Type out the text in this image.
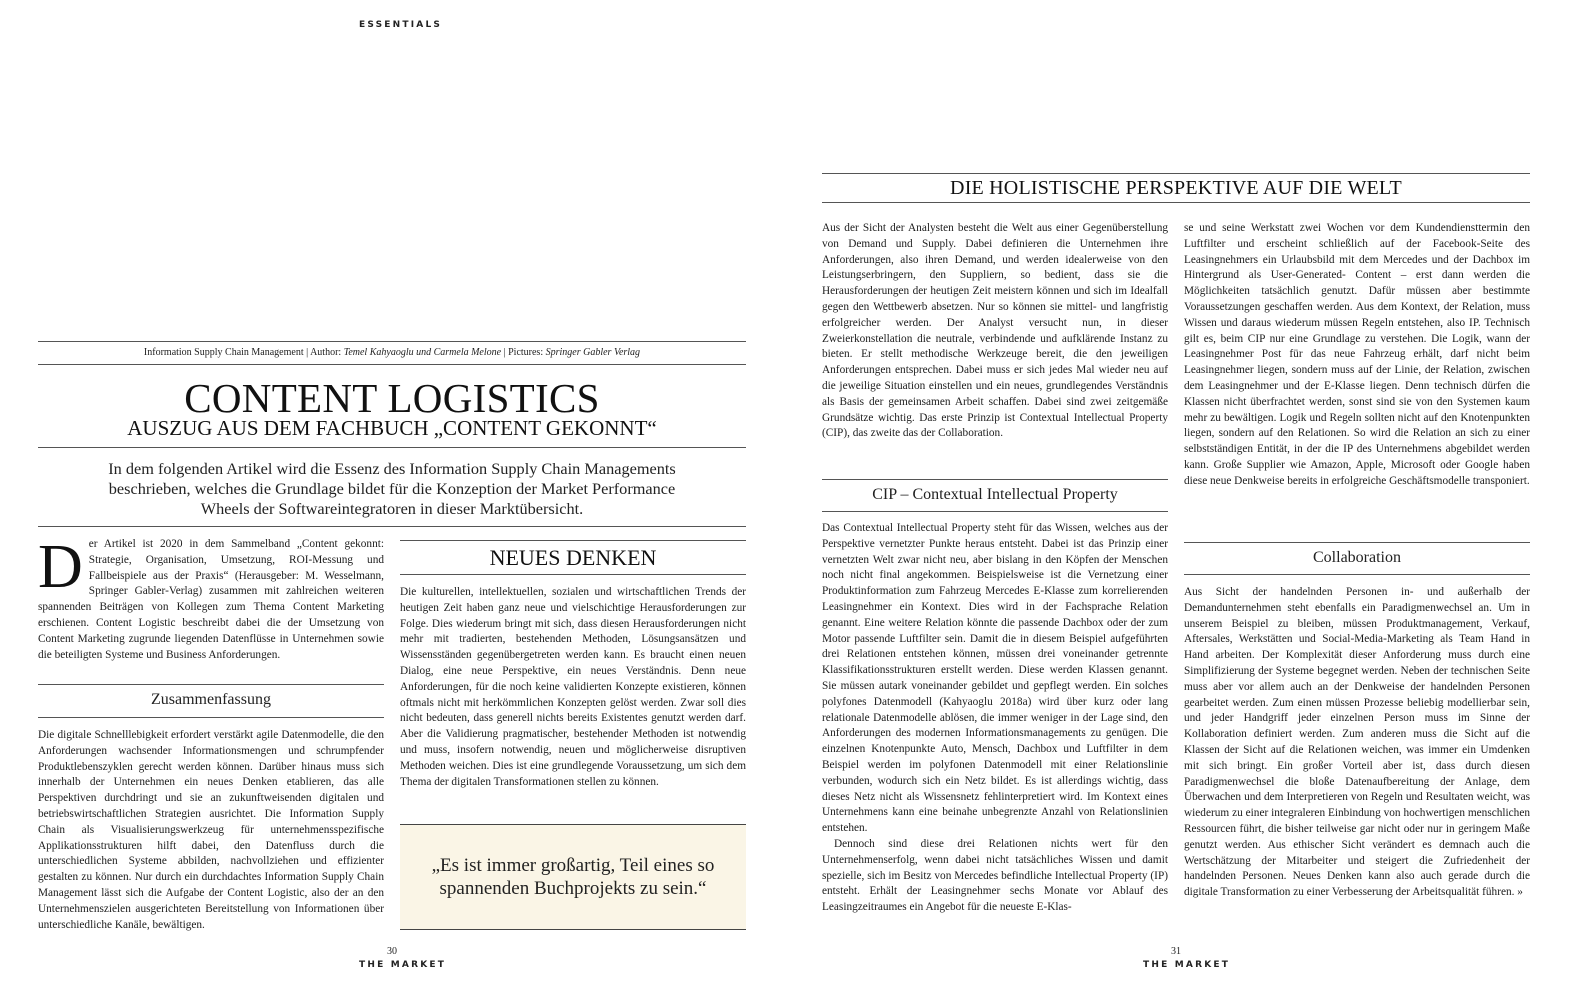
ESSENTIALS
Information Supply Chain Management | Author: Temel Kahyaoglu und Carmela Melone | Pictures: Springer Gabler Verlag
CONTENT LOGISTICS
AUSZUG AUS DEM FACHBUCH „CONTENT GEKONNT“
In dem folgenden Artikel wird die Essenz des Information Supply Chain Managements beschrieben, welches die Grundlage bildet für die Konzeption der Market Performance Wheels der Softwareintegratoren in dieser Marktübersicht.
D er Artikel ist 2020 in dem Sammelband „Content gekonnt: Strategie, Organisation, Umsetzung, ROI-Messung und Fallbeispiele aus der Praxis“ (Herausgeber: M. Wesselmann, Springer Gabler-Verlag) zusammen mit zahlreichen weiteren spannenden Beiträgen von Kollegen zum Thema Content Marketing erschienen. Content Logistic beschreibt dabei die der Umsetzung von Content Marketing zugrunde liegenden Datenflüsse in Unternehmen sowie die beteiligten Systeme und Business Anforderungen.
Zusammenfassung
Die digitale Schnelllebigkeit erfordert verstärkt agile Datenmodelle, die den Anforderungen wachsender Informationsmengen und schrumpfender Produktlebenszyklen gerecht werden können. Darüber hinaus muss sich innerhalb der Unternehmen ein neues Denken etablieren, das alle Perspektiven durchdringt und sie an zukunftweisenden digitalen und betriebswirtschaftlichen Strategien ausrichtet. Die Information Supply Chain als Visualisierungswerkzeug für unternehmensspezifische Applikationsstrukturen hilft dabei, den Datenfluss durch die unterschiedlichen Systeme abbilden, nachvollziehen und effizienter gestalten zu können. Nur durch ein durchdachtes Information Supply Chain Management lässt sich die Aufgabe der Content Logistic, also der an den Unternehmenszielen ausgerichteten Bereitstellung von Informationen über unterschiedliche Kanäle, bewältigen.
NEUES DENKEN
Die kulturellen, intellektuellen, sozialen und wirtschaftlichen Trends der heutigen Zeit haben ganz neue und vielschichtige Herausforderungen zur Folge. Dies wiederum bringt mit sich, dass diesen Herausforderungen nicht mehr mit tradierten, bestehenden Methoden, Lösungsansätzen und Wissensständen gegenübergetreten werden kann. Es braucht einen neuen Dialog, eine neue Perspektive, ein neues Verständnis. Denn neue Anforderungen, für die noch keine validierten Konzepte existieren, können oftmals nicht mit herkömmlichen Konzepten gelöst werden. Zwar soll dies nicht bedeuten, dass generell nichts bereits Existentes genutzt werden darf. Aber die Validierung pragmatischer, bestehender Methoden ist notwendig und muss, insofern notwendig, neuen und möglicherweise disruptiven Methoden weichen. Dies ist eine grundlegende Voraussetzung, um sich dem Thema der digitalen Transformationen stellen zu können.
„Es ist immer großartig, Teil eines so spannenden Buchprojekts zu sein.“
30
THE MARKET
DIE HOLISTISCHE PERSPEKTIVE AUF DIE WELT
Aus der Sicht der Analysten besteht die Welt aus einer Gegenüberstellung von Demand und Supply. Dabei definieren die Unternehmen ihre Anforderungen, also ihren Demand, und werden idealerweise von den Leistungserbringern, den Suppliern, so bedient, dass sie die Herausforderungen der heutigen Zeit meistern können und sich im Idealfall gegen den Wettbewerb absetzen. Nur so können sie mittel- und langfristig erfolgreicher werden. Der Analyst versucht nun, in dieser Zweierkonstellation die neutrale, verbindende und aufklärende Instanz zu bieten. Er stellt methodische Werkzeuge bereit, die den jeweiligen Anforderungen entsprechen. Dabei muss er sich jedes Mal wieder neu auf die jeweilige Situation einstellen und ein neues, grundlegendes Verständnis als Basis der gemeinsamen Arbeit schaffen. Dabei sind zwei zeitgemäße Grundsätze wichtig. Das erste Prinzip ist Contextual Intellectual Property (CIP), das zweite das der Collaboration.
CIP – Contextual Intellectual Property

Das Contextual Intellectual Property steht für das Wissen, welches aus der Perspektive vernetzter Punkte heraus entsteht. Dabei ist das Prinzip einer vernetzten Welt zwar nicht neu, aber bislang in den Köpfen der Menschen noch nicht final angekommen. Beispielsweise ist die Vernetzung einer Produktinformation zum Fahrzeug Mercedes E-Klasse zum korrelierenden Leasingnehmer ein Kontext. Dies wird in der Fachsprache Relation genannt. Eine weitere Relation könnte die passende Dachbox oder der zum Motor passende Luftfilter sein. Damit die in diesem Beispiel aufgeführten drei Relationen entstehen können, müssen drei voneinander getrennte Klassifikationsstrukturen erstellt werden. Diese werden Klassen genannt. Sie müssen autark voneinander gebildet und gepflegt werden. Ein solches polyfones Datenmodell (Kahyaoglu 2018a) wird über kurz oder lang relationale Datenmodelle ablösen, die immer weniger in der Lage sind, den Anforderungen des modernen Informationsmanagements zu genügen. Die einzelnen Knotenpunkte Auto, Mensch, Dachbox und Luftfilter in dem Beispiel werden im polyfonen Datenmodell mit einer Relationslinie verbunden, wodurch sich ein Netz bildet. Es ist allerdings wichtig, dass dieses Netz nicht als Wissensnetz fehlinterpretiert wird. Im Kontext eines Unternehmens kann eine beinahe unbegrenzte Anzahl von Relationslinien entstehen.

Dennoch sind diese drei Relationen nichts wert für den Unternehmenserfolg, wenn dabei nicht tatsächliches Wissen und damit spezielle, sich im Besitz von Mercedes befindliche Intellectual Property (IP) entsteht. Erhält der Leasingnehmer sechs Monate vor Ablauf des Leasingzeitraumes ein Angebot für die neueste E-Klas-

se und seine Werkstatt zwei Wochen vor dem Kundendiensttermin den Luftfilter und erscheint schließlich auf der Facebook-Seite des Leasingnehmers ein Urlaubsbild mit dem Mercedes und der Dachbox im Hintergrund als User-Generated- Content – erst dann werden die Möglichkeiten tatsächlich genutzt. Dafür müssen aber bestimmte Voraussetzungen geschaffen werden. Aus dem Kontext, der Relation, muss Wissen und daraus wiederum müssen Regeln entstehen, also IP. Technisch gilt es, beim CIP nur eine Grundlage zu verstehen. Die Logik, wann der Leasingnehmer Post für das neue Fahrzeug erhält, darf nicht beim Leasingnehmer liegen, sondern muss auf der Linie, der Relation, zwischen dem Leasingnehmer und der E-Klasse liegen. Denn technisch dürfen die Klassen nicht überfrachtet werden, sonst sind sie von den Systemen kaum mehr zu bewältigen. Logik und Regeln sollten nicht auf den Knotenpunkten liegen, sondern auf den Relationen. So wird die Relation an sich zu einer selbstständigen Entität, in der die IP des Unternehmens abgebildet werden kann. Große Supplier wie Amazon, Apple, Microsoft oder Google haben diese neue Denkweise bereits in erfolgreiche Geschäftsmodelle transponiert.
Collaboration
Aus Sicht der handelnden Personen in- und außerhalb der Demandunternehmen steht ebenfalls ein Paradigmenwechsel an. Um in unserem Beispiel zu bleiben, müssen Produktmanagement, Verkauf, Aftersales, Werkstätten und Social-Media-Marketing als Team Hand in Hand arbeiten. Der Komplexität dieser Anforderung muss durch eine Simplifizierung der Systeme begegnet werden. Neben der technischen Seite muss aber vor allem auch an der Denkweise der handelnden Personen gearbeitet werden. Zum einen müssen Prozesse beliebig modellierbar sein, und jeder Handgriff jeder einzelnen Person muss im Sinne der Kollaboration definiert werden. Zum anderen muss die Sicht auf die Klassen der Sicht auf die Relationen weichen, was immer ein Umdenken mit sich bringt. Ein großer Vorteil aber ist, dass durch diesen Paradigmenwechsel die bloße Datenaufbereitung der Anlage, dem Überwachen und dem Interpretieren von Regeln und Resultaten weicht, was wiederum zu einer integraleren Einbindung von hochwertigen menschlichen Ressourcen führt, die bisher teilweise gar nicht oder nur in geringem Maße genutzt werden. Aus ethischer Sicht verändert es demnach auch die Wertschätzung der Mitarbeiter und steigert die Zufriedenheit der handelnden Personen. Neues Denken kann also auch gerade durch die digitale Transformation zu einer Verbesserung der Arbeitsqualität führen. »
31
THE MARKET
